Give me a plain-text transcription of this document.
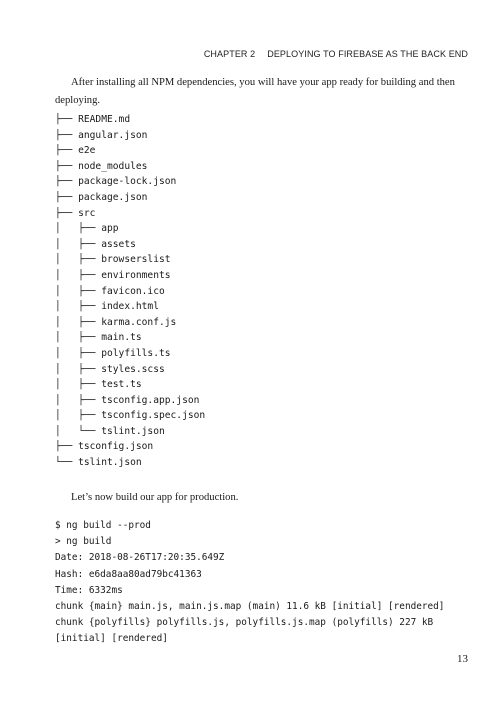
CHAPTER 2 DEPLOYING TO FIREBASE AS THE BACK END

After installing all NPM dependencies, you will have your app ready for building and then deploying.

├── README.md
├── angular.json
├── e2e
├── node_modules
├── package-lock.json
├── package.json
├── src
│   ├── app
│   ├── assets
│   ├── browserslist
│   ├── environments
│   ├── favicon.ico
│   ├── index.html
│   ├── karma.conf.js
│   ├── main.ts
│   ├── polyfills.ts
│   ├── styles.scss
│   ├── test.ts
│   ├── tsconfig.app.json
│   ├── tsconfig.spec.json
│   └── tslint.json
├── tsconfig.json
└── tslint.json

Let’s now build our app for production.

$ ng build --prod
> ng build
Date: 2018-08-26T17:20:35.649Z
Hash: e6da8aa80ad79bc41363
Time: 6332ms
chunk {main} main.js, main.js.map (main) 11.6 kB [initial] [rendered]
chunk {polyfills} polyfills.js, polyfills.js.map (polyfills) 227 kB
[initial] [rendered]
13
